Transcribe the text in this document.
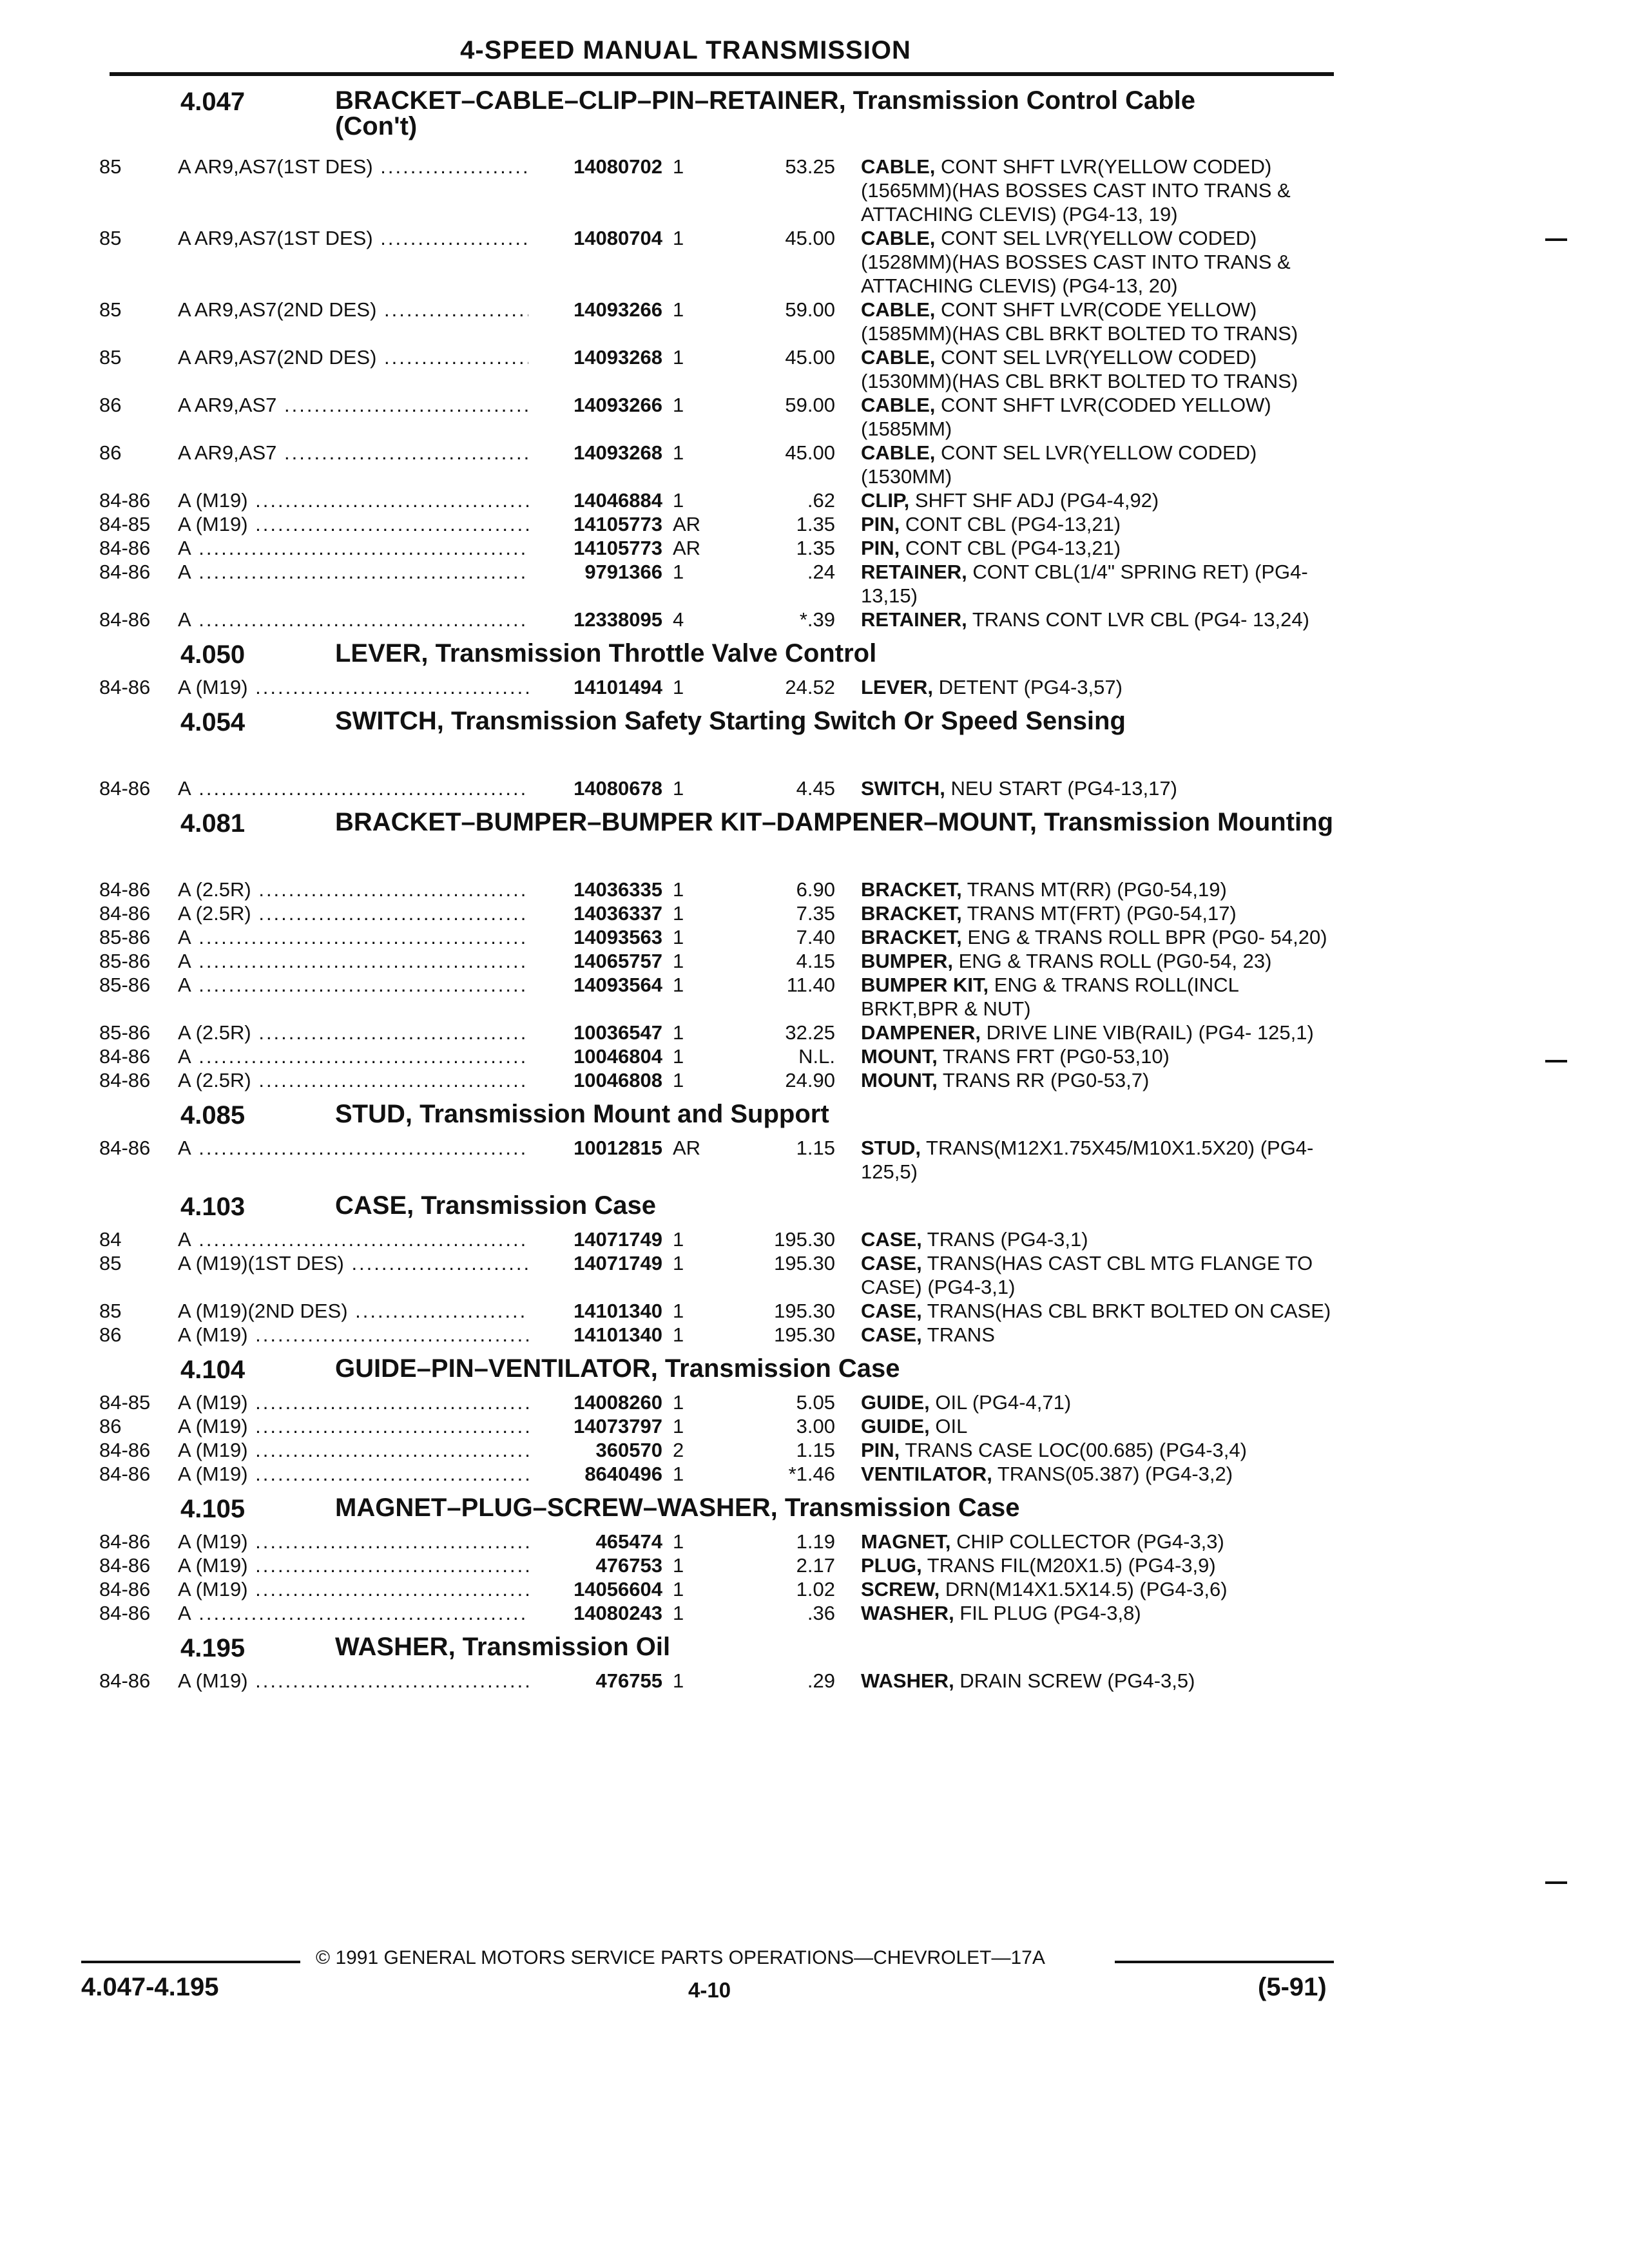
4-SPEED MANUAL TRANSMISSION
4.047	BRACKET–CABLE–CLIP–PIN–RETAINER, Transmission Control Cable
(Con't)
85	A AR9,AS7(1ST DES) .....	14080702 1	53.25 CABLE, CONT SHFT LVR(YELLOW CODED) (1565MM)(HAS BOSSES CAST INTO TRANS & ATTACHING CLEVIS) (PG4-13, 19)
85	A AR9,AS7(1ST DES) .....	14080704 1	45.00 CABLE, CONT SEL LVR(YELLOW CODED) (1528MM)(HAS BOSSES CAST INTO TRANS & ATTACHING CLEVIS) (PG4-13, 20)
85	A AR9,AS7(2ND DES) .....	14093266 1	59.00 CABLE, CONT SHFT LVR(CODE YELLOW) (1585MM)(HAS CBL BRKT BOLTED TO TRANS)
85	A AR9,AS7(2ND DES) .....	14093268 1	45.00 CABLE, CONT SEL LVR(YELLOW CODED) (1530MM)(HAS CBL BRKT BOLTED TO TRANS)
86	A AR9,AS7 .....	14093266 1	59.00 CABLE, CONT SHFT LVR(CODED YELLOW) (1585MM)
86	A AR9,AS7 .....	14093268 1	45.00 CABLE, CONT SEL LVR(YELLOW CODED) (1530MM)
84-86 A (M19) .....	14046884 1	.62 CLIP, SHFT SHF ADJ (PG4-4,92)
84-85 A (M19) .....	14105773 AR	1.35 PIN, CONT CBL (PG4-13,21)
84-86 A .....	14105773 AR	1.35 PIN, CONT CBL (PG4-13,21)
84-86 A .....	9791366 1	.24 RETAINER, CONT CBL(1/4" SPRING RET) (PG4-13,15)
84-86 A .....	12338095 4	*.39 RETAINER, TRANS CONT LVR CBL (PG4- 13,24)
4.050	LEVER, Transmission Throttle Valve Control
84-86 A (M19) .....	14101494 1	24.52 LEVER, DETENT (PG4-3,57)
4.054	SWITCH, Transmission Safety Starting Switch Or Speed Sensing
84-86 A .....	14080678 1	4.45 SWITCH, NEU START (PG4-13,17)
4.081	BRACKET–BUMPER–BUMPER KIT–DAMPENER–MOUNT, Transmission Mounting
84-86 A (2.5R) .....	14036335 1	6.90 BRACKET, TRANS MT(RR) (PG0-54,19)
84-86 A (2.5R) .....	14036337 1	7.35 BRACKET, TRANS MT(FRT) (PG0-54,17)
85-86 A .....	14093563 1	7.40 BRACKET, ENG & TRANS ROLL BPR (PG0- 54,20)
85-86 A .....	14065757 1	4.15 BUMPER, ENG & TRANS ROLL (PG0-54, 23)
85-86 A .....	14093564 1	11.40 BUMPER KIT, ENG & TRANS ROLL(INCL BRKT,BPR & NUT)
85-86 A (2.5R) .....	10036547 1	32.25 DAMPENER, DRIVE LINE VIB(RAIL) (PG4- 125,1)
84-86 A .....	10046804 1	N.L. MOUNT, TRANS FRT (PG0-53,10)
84-86 A (2.5R) .....	10046808 1	24.90 MOUNT, TRANS RR (PG0-53,7)
4.085	STUD, Transmission Mount and Support
84-86 A .....	10012815 AR	1.15 STUD, TRANS(M12X1.75X45/M10X1.5X20) (PG4-125,5)
4.103	CASE, Transmission Case
84	A .....	14071749 1	195.30 CASE, TRANS (PG4-3,1)
85	A (M19)(1ST DES) .....	14071749 1	195.30 CASE, TRANS(HAS CAST CBL MTG FLANGE TO CASE) (PG4-3,1)
85	A (M19)(2ND DES) .....	14101340 1	195.30 CASE, TRANS(HAS CBL BRKT BOLTED ON CASE)
86	A (M19) .....	14101340 1	195.30 CASE, TRANS
4.104	GUIDE–PIN–VENTILATOR, Transmission Case
84-85 A (M19) .....	14008260 1	5.05 GUIDE, OIL (PG4-4,71)
86	A (M19) .....	14073797 1	3.00 GUIDE, OIL
84-86 A (M19) .....	360570 2	1.15 PIN, TRANS CASE LOC(00.685) (PG4-3,4)
84-86 A (M19) .....	8640496 1	*1.46 VENTILATOR, TRANS(05.387) (PG4-3,2)
4.105	MAGNET–PLUG–SCREW–WASHER, Transmission Case
84-86 A (M19) .....	465474 1	1.19 MAGNET, CHIP COLLECTOR (PG4-3,3)
84-86 A (M19) .....	476753 1	2.17 PLUG, TRANS FIL(M20X1.5) (PG4-3,9)
84-86 A (M19) .....	14056604 1	1.02 SCREW, DRN(M14X1.5X14.5) (PG4-3,6)
84-86 A .....	14080243 1	.36 WASHER, FIL PLUG (PG4-3,8)
4.195	WASHER, Transmission Oil
84-86 A (M19) .....	476755 1	.29 WASHER, DRAIN SCREW (PG4-3,5)
© 1991 GENERAL MOTORS SERVICE PARTS OPERATIONS—CHEVROLET—17A
4.047-4.195	4-10	(5-91)
